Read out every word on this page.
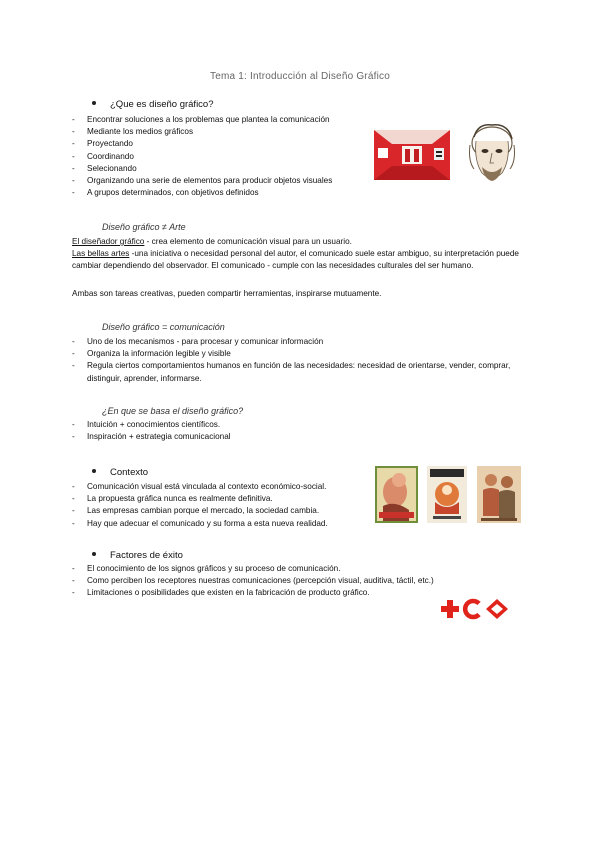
Tema 1: Introducción al Diseño Gráfico
¿Que es diseño gráfico?
- Encontrar soluciones a los problemas que plantea la comunicación
- Mediante los medios gráficos
- Proyectando
- Coordinando
- Selecionando
- Organizando una serie de elementos para producir objetos visuales
- A grupos determinados, con objetivos definidos
Diseño gráfico ≠ Arte
El diseñador gráfico - crea elemento de comunicación visual para un usuario.
Las bellas artes -una iniciativa o necesidad personal del autor, el comunicado suele estar ambiguo, su interpretación puede cambiar dependiendo del observador. El comunicado - cumple con las necesidades culturales del ser humano.
Ambas son tareas creativas, pueden compartir herramientas, inspirarse mutuamente.
Diseño gráfico = comunicación
- Uno de los mecanismos - para procesar y comunicar información
- Organiza la información legible y visible
- Regula ciertos comportamientos humanos en función de las necesidades: necesidad de orientarse, vender, comprar, distinguir, aprender, informarse.
¿En que se basa el diseño gráfico?
- Intuición + conocimientos científicos.
- Inspiración + estrategia comunicacional
Contexto
- Comunicación visual está vinculada al contexto económico-social.
- La propuesta gráfica nunca es realmente definitiva.
- Las empresas cambian porque el mercado, la sociedad cambia.
- Hay que adecuar el comunicado y su forma a esta nueva realidad.
Factores de éxito
- El conocimiento de los signos gráficos y su proceso de comunicación.
- Como perciben los receptores nuestras comunicaciones (percepción visual, auditiva, táctil, etc.)
- Limitaciones o posibilidades que existen en la fabricación de producto gráfico.
